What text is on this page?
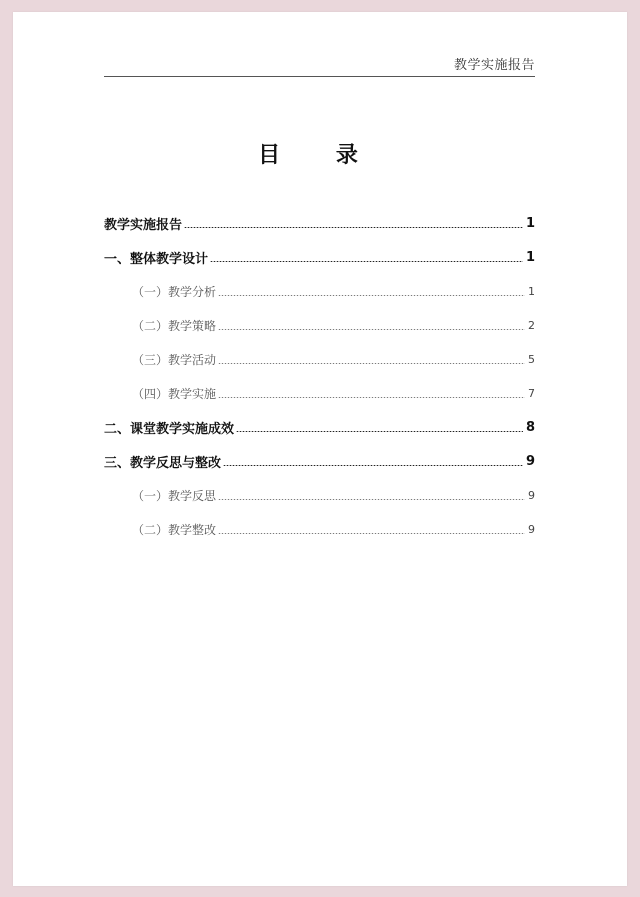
教学实施报告
目 录
教学实施报告	1
一、整体教学设计	1
（一）教学分析	1
（二）教学策略	2
（三）教学活动	5
（四）教学实施	7
二、课堂教学实施成效	8
三、教学反思与整改	9
（一）教学反思	9
（二）教学整改	9
